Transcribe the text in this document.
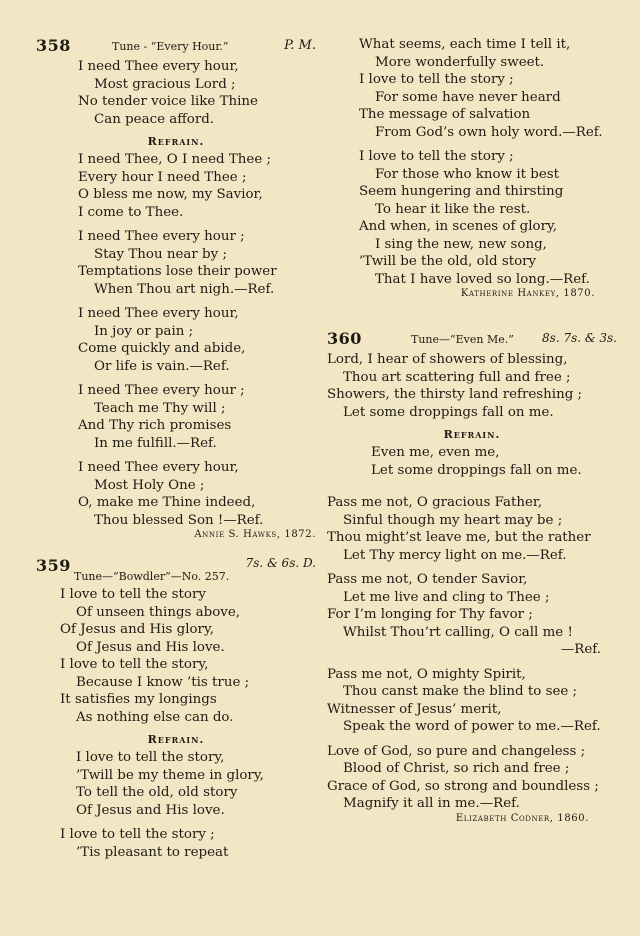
358	Tune - “Every Hour.”	P. M.
I need Thee every hour,
Most gracious Lord ;
No tender voice like Thine
Can peace afford.
Refrain.
I need Thee, O I need Thee ;
Every hour I need Thee ;
O bless me now, my Savior,
I come to Thee.
I need Thee every hour ;
Stay Thou near by ;
Temptations lose their power
When Thou art nigh.—Ref.
I need Thee every hour,
In joy or pain ;
Come quickly and abide,
Or life is vain.—Ref.
I need Thee every hour ;
Teach me Thy will ;
And Thy rich promises
In me fulfill.—Ref.
I need Thee every hour,
Most Holy One ;
O, make me Thine indeed,
Thou blessed Son !—Ref.
Annie S. Hawks, 1872.
359	7s. & 6s. D.
Tune—“Bowdler”—No. 257.
I love to tell the story
Of unseen things above,
Of Jesus and His glory,
Of Jesus and His love.
I love to tell the story,
Because I know ’tis true ;
It satisfies my longings
As nothing else can do.
Refrain.
I love to tell the story,
’Twill be my theme in glory,
To tell the old, old story
Of Jesus and His love.
I love to tell the story ;
’Tis pleasant to repeat
What seems, each time I tell it,
More wonderfully sweet.
I love to tell the story ;
For some have never heard
The message of salvation
From God’s own holy word.—Ref.
I love to tell the story ;
For those who know it best
Seem hungering and thirsting
To hear it like the rest.
And when, in scenes of glory,
I sing the new, new song,
’Twill be the old, old story
That I have loved so long.—Ref.
Katherine Hankey, 1870.
360	Tune—“Even Me.” 8s. 7s. & 3s.
Lord, I hear of showers of blessing,
Thou art scattering full and free ;
Showers, the thirsty land refreshing ;
Let some droppings fall on me.
Refrain.
Even me, even me,
Let some droppings fall on me.
Pass me not, O gracious Father,
Sinful though my heart may be ;
Thou might’st leave me, but the rather
Let Thy mercy light on me.—Ref.
Pass me not, O tender Savior,
Let me live and cling to Thee ;
For I’m longing for Thy favor ;
Whilst Thou’rt calling, O call me !
—Ref.
Pass me not, O mighty Spirit,
Thou canst make the blind to see ;
Witnesser of Jesus’ merit,
Speak the word of power to me.—Ref.
Love of God, so pure and changeless ;
Blood of Christ, so rich and free ;
Grace of God, so strong and boundless ;
Magnify it all in me.—Ref.
Elizabeth Codner, 1860.
